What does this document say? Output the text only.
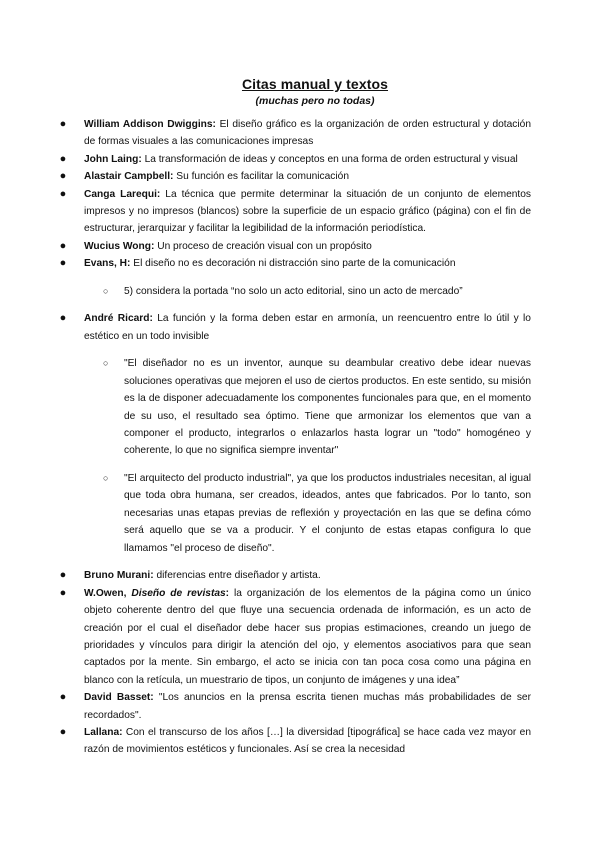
Citas manual y textos
(muchas pero no todas)

● William Addison Dwiggins: El diseño gráfico es la organización de orden estructural y dotación de formas visuales a las comunicaciones impresas

● John Laing: La transformación de ideas y conceptos en una forma de orden estructural y visual

● Alastair Campbell: Su función es facilitar la comunicación

● Canga Larequi: La técnica que permite determinar la situación de un conjunto de elementos impresos y no impresos (blancos) sobre la superficie de un espacio gráfico (página) con el fin de estructurar, jerarquizar y facilitar la legibilidad de la información periodística.

● Wucius Wong: Un proceso de creación visual con un propósito

● Evans, H: El diseño no es decoración ni distracción sino parte de la comunicación

○ 5) considera la portada “no solo un acto editorial, sino un acto de mercado”

● André Ricard: La función y la forma deben estar en armonía, un reencuentro entre lo útil y lo estético en un todo invisible

○ "El diseñador no es un inventor, aunque su deambular creativo debe idear nuevas soluciones operativas que mejoren el uso de ciertos productos. En este sentido, su misión es la de disponer adecuadamente los componentes funcionales para que, en el momento de su uso, el resultado sea óptimo. Tiene que armonizar los elementos que van a componer el producto, integrarlos o enlazarlos hasta lograr un "todo" homogéneo y coherente, lo que no significa siempre inventar"

○ "El arquitecto del producto industrial", ya que los productos industriales necesitan, al igual que toda obra humana, ser creados, ideados, antes que fabricados. Por lo tanto, son necesarias unas etapas previas de reflexión y proyectación en las que se defina cómo será aquello que se va a producir. Y el conjunto de estas etapas configura lo que llamamos "el proceso de diseño".

● Bruno Murani: diferencias entre diseñador y artista.

● W.Owen, Diseño de revistas: la organización de los elementos de la página como un único objeto coherente dentro del que fluye una secuencia ordenada de información, es un acto de creación por el cual el diseñador debe hacer sus propias estimaciones, creando un juego de prioridades y vínculos para dirigir la atención del ojo, y elementos asociativos para que sean captados por la mente. Sin embargo, el acto se inicia con tan poca cosa como una página en blanco con la retícula, un muestrario de tipos, un conjunto de imágenes y una idea”

● David Basset: "Los anuncios en la prensa escrita tienen muchas más probabilidades de ser recordados".

● Lallana: Con el transcurso de los años […] la diversidad [tipográfica] se hace cada vez mayor en razón de movimientos estéticos y funcionales. Así se crea la necesidad
